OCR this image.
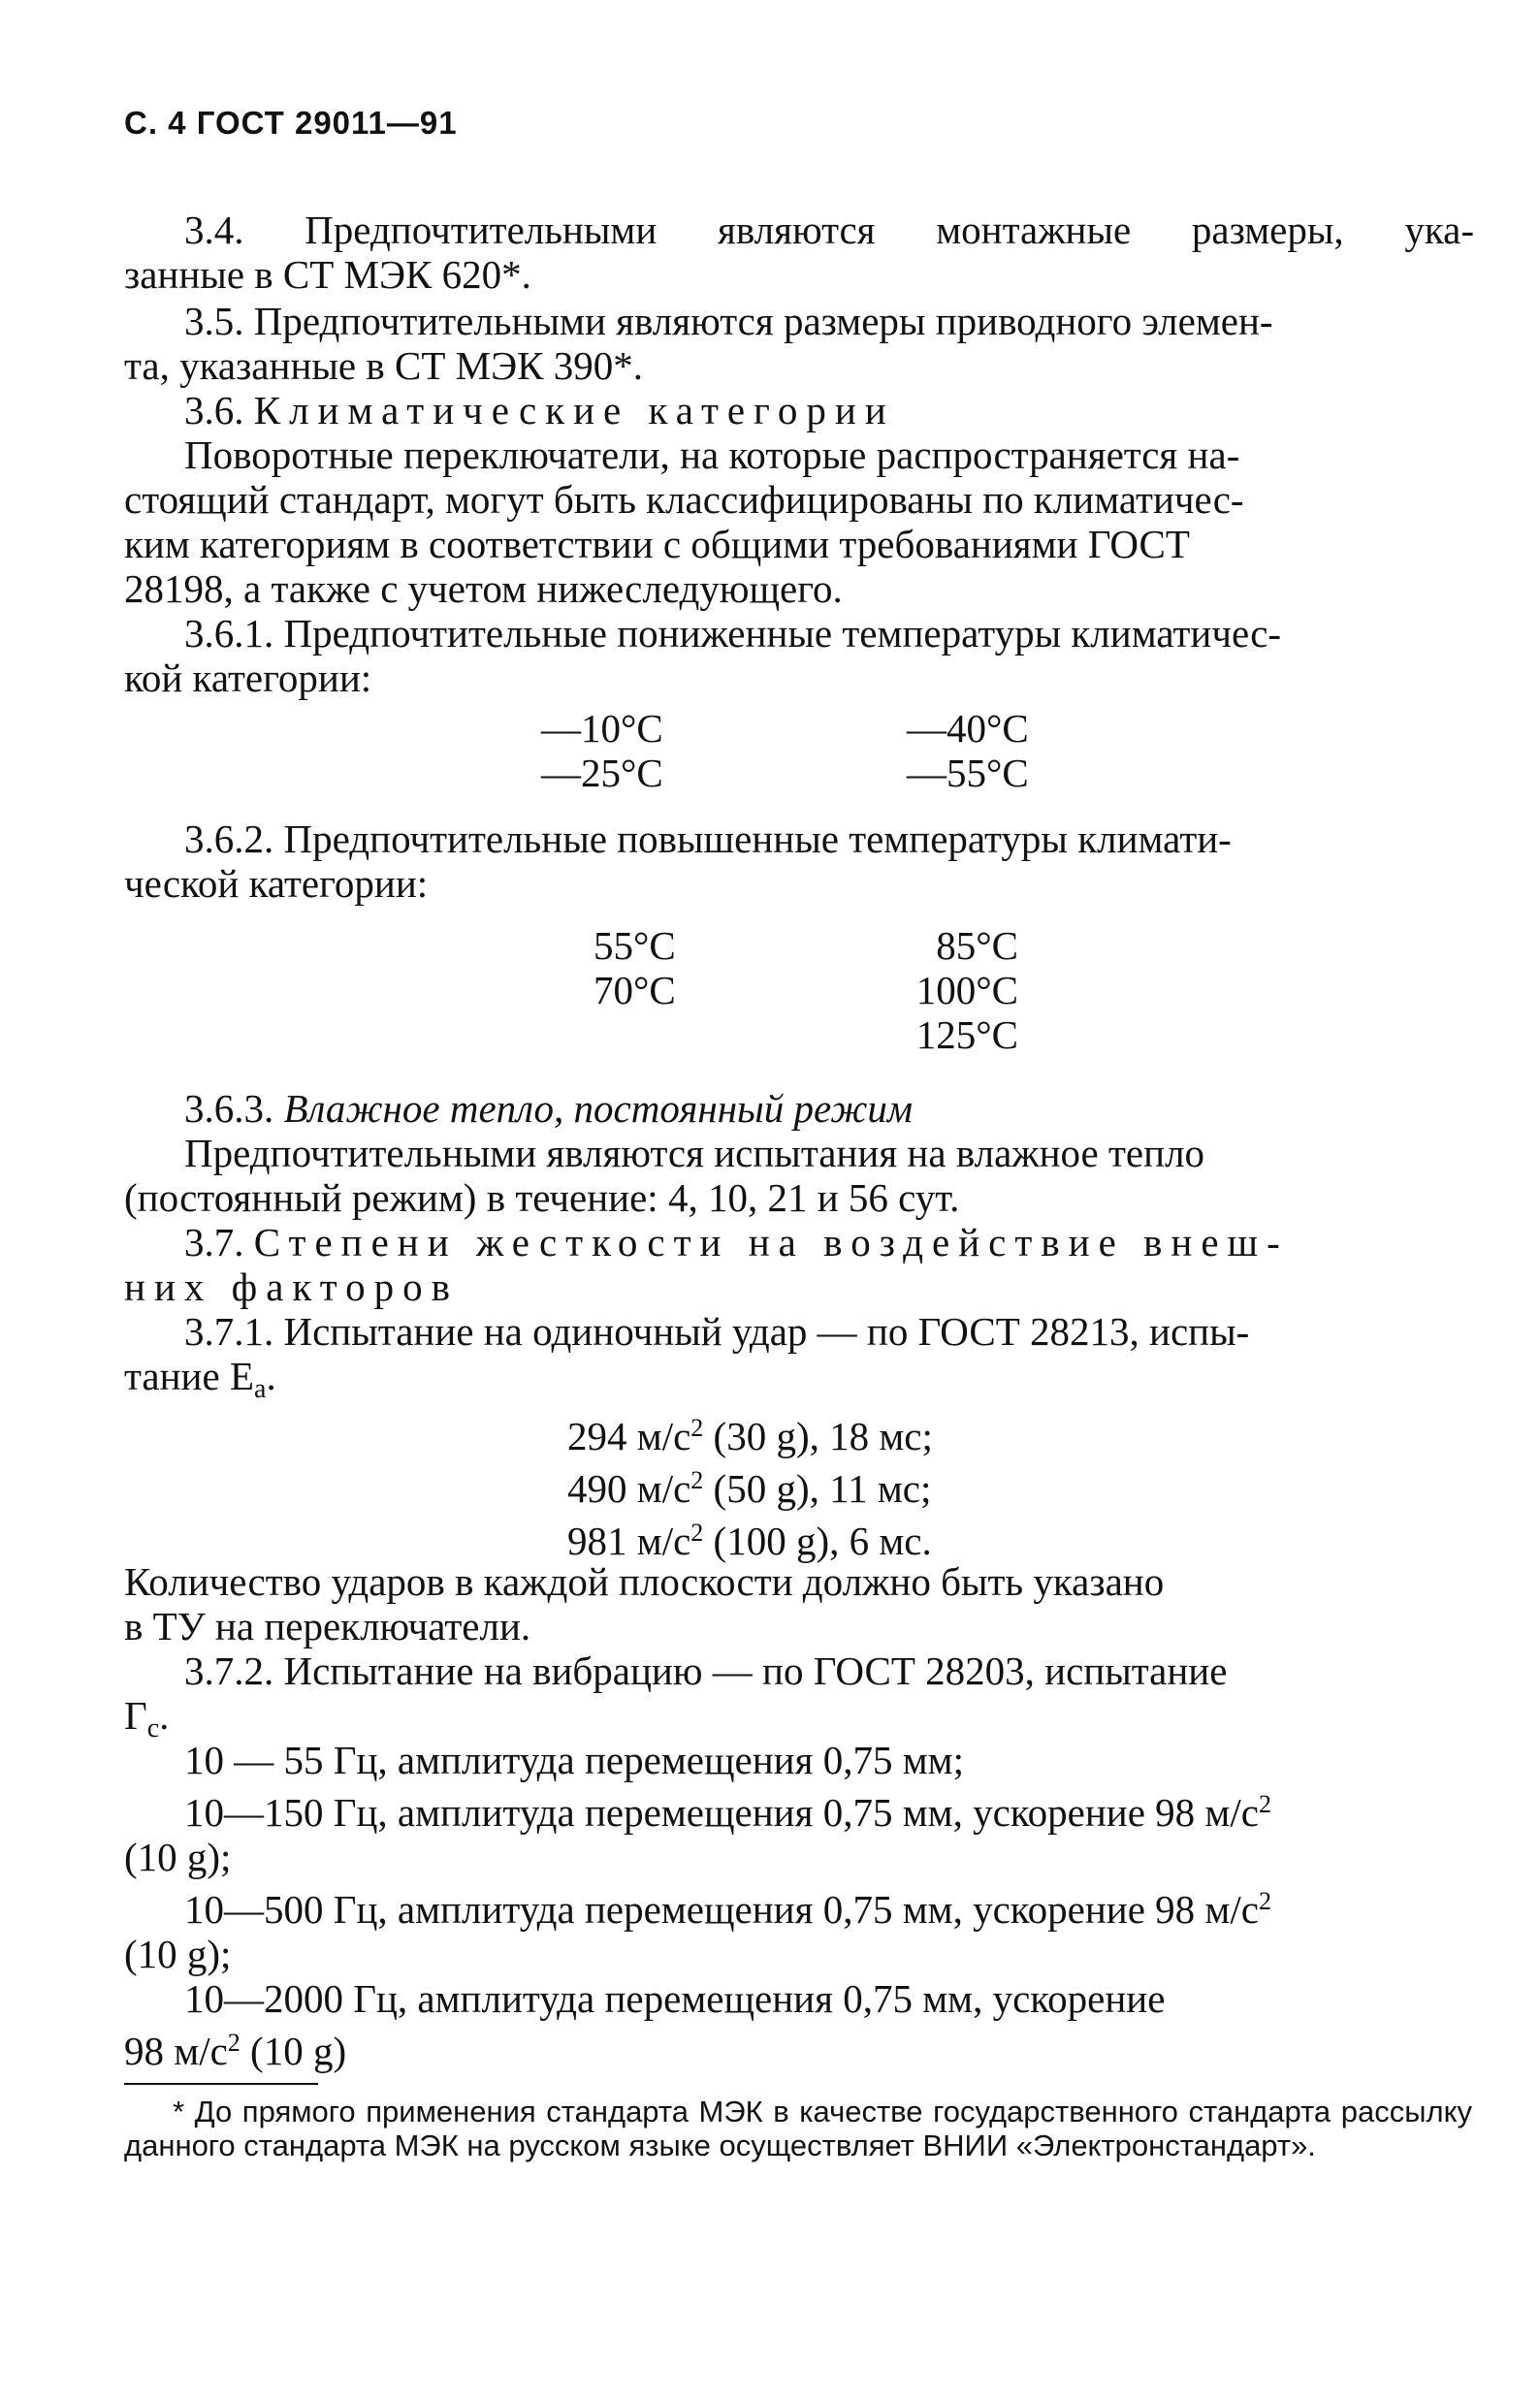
С. 4 ГОСТ 29011—91
3.4. Предпочтительными являются монтажные размеры, ука-
занные в СТ МЭК 620*.
3.5. Предпочтительными являются размеры приводного элемен-
та, указанные в СТ МЭК 390*.
3.6. Климатические категории
Поворотные переключатели, на которые распространяется на-
стоящий стандарт, могут быть классифицированы по климатичес-
ким категориям в соответствии с общими требованиями ГОСТ
28198, а также с учетом нижеследующего.
3.6.1. Предпочтительные пониженные температуры климатичес-
кой категории:
—10°C
—25°C
—40°C
—55°C
3.6.2. Предпочтительные повышенные температуры климати-
ческой категории:
55°C
70°C
85°C
100°C
125°C
3.6.3. Влажное тепло, постоянный режим
Предпочтительными являются испытания на влажное тепло
(постоянный режим) в течение: 4, 10, 21 и 56 сут.
3.7. Степени жесткости на воздействие внеш-
них факторов
3.7.1. Испытание на одиночный удар — по ГОСТ 28213, испы-
тание $E_a$.
294 $м/с^2$ (30 g), 18 мс;
490 $м/с^2$ (50 g), 11 мс;
981 $м/с^2$ (100 g), 6 мс.
Количество ударов в каждой плоскости должно быть указано
в ТУ на переключатели.
3.7.2. Испытание на вибрацию — по ГОСТ 28203, испытание
$Г_с$.
10 — 55 Гц, амплитуда перемещения 0,75 мм;
10—150 Гц, амплитуда перемещения 0,75 мм, ускорение 98 $м/с^2$
(10 g);
10—500 Гц, амплитуда перемещения 0,75 мм, ускорение 98 $м/с^2$
(10 g);
10—2000 Гц, амплитуда перемещения 0,75 мм, ускорение
98 $м/с^2$ (10 g)
* До прямого применения стандарта МЭК в качестве государственного стандарта рассылку данного стандарта МЭК на русском языке осуществляет ВНИИ «Электронстандарт».
